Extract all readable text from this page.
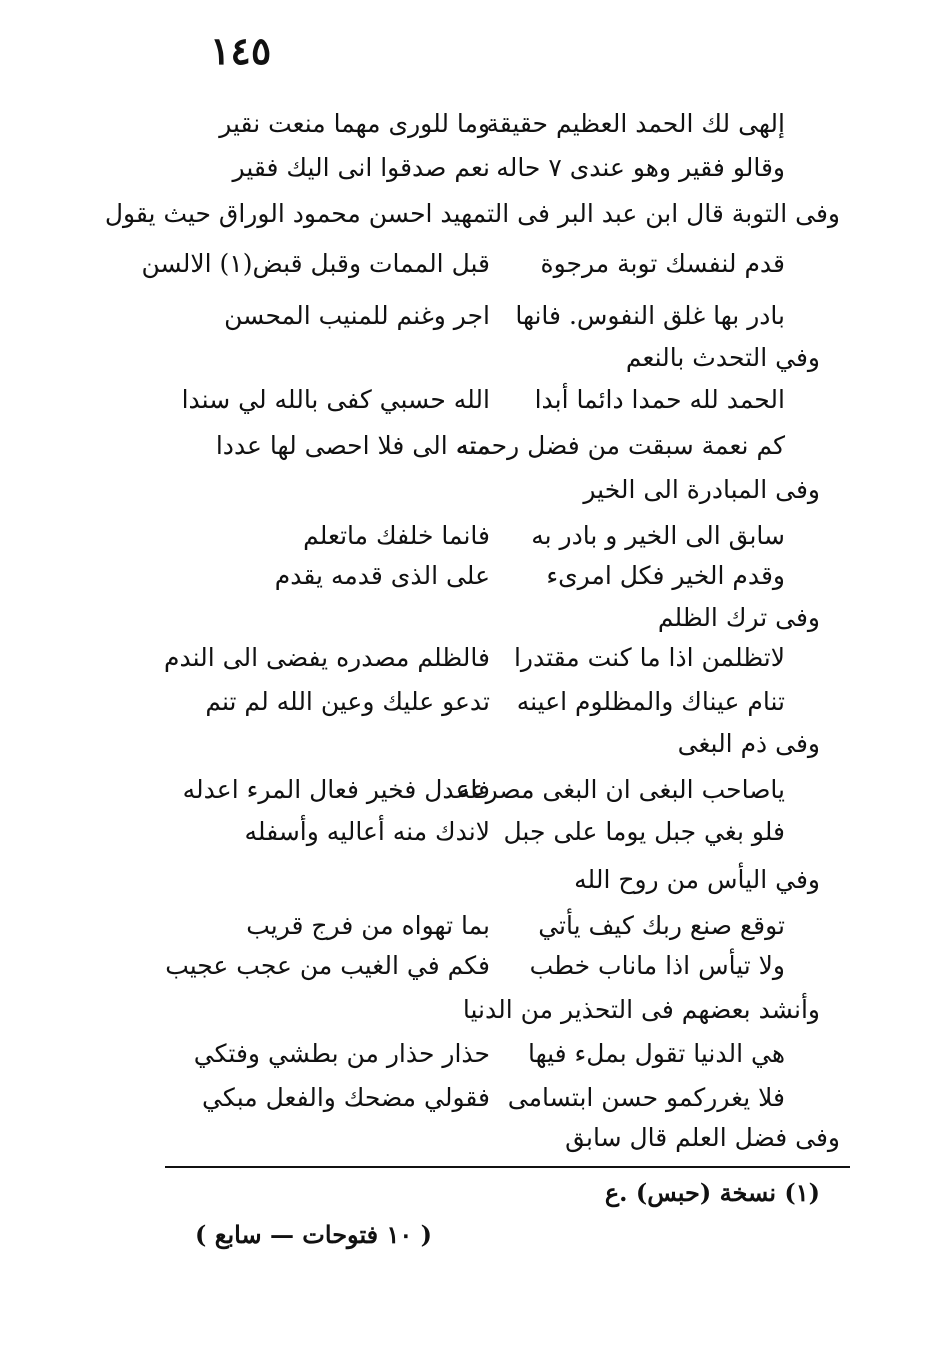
١٤٥
إلهى لك الحمد العظيم حقيقة
وما للورى مهما منعت نقير
وقالو فقير وهو عندى ٧ حاله
نعم صدقوا انى اليك فقير
وفى التوبة قال ابن عبد البر فى التمهيد احسن محمود الوراق حيث يقول
قدم لنفسك توبة مرجوة
قبل الممات وقبل قبض(١) الالسن
بادر بها غلق النفوس. فانها
اجر وغنم للمنيب المحسن
وفي التحدث بالنعم
الحمد لله حمدا دائما أبدا
الله حسبي كفى بالله لي سندا
كم نعمة سبقت من فضل رحمته
منه الى فلا احصى لها عددا
وفى المبادرة الى الخير
سابق الى الخير و بادر به
فانما خلفك ماتعلم
وقدم الخير فكل امرىء
على الذى قدمه يقدم
وفى ترك الظلم
لاتظلمن اذا ما كنت مقتدرا
فالظلم مصدره يفضى الى الندم
تنام عيناك والمظلوم اعينه
تدعو عليك وعين الله لم تنم
وفى ذم البغى
ياصاحب البغى ان البغى مصرعة
فاعدل فخير فعال المرء اعدله
فلو بغي جبل يوما على جبل
لاندك منه أعاليه وأسفله
وفي اليأس من روح الله
توقع صنع ربك كيف يأتي
بما تهواه من فرج قريب
ولا تيأس اذا ماناب خطب
فكم في الغيب من عجب عجيب
وأنشد بعضهم فى التحذير من الدنيا
هي الدنيا تقول بملء فيها
حذار حذار من بطشي وفتكي
فلا يغرركمو حسن ابتسامى
فقولي مضحك والفعل مبكي
وفى فضل العلم قال سابق
(١) نسخة (حبس) .ع
( ١٠ فتوحات — سابع )
